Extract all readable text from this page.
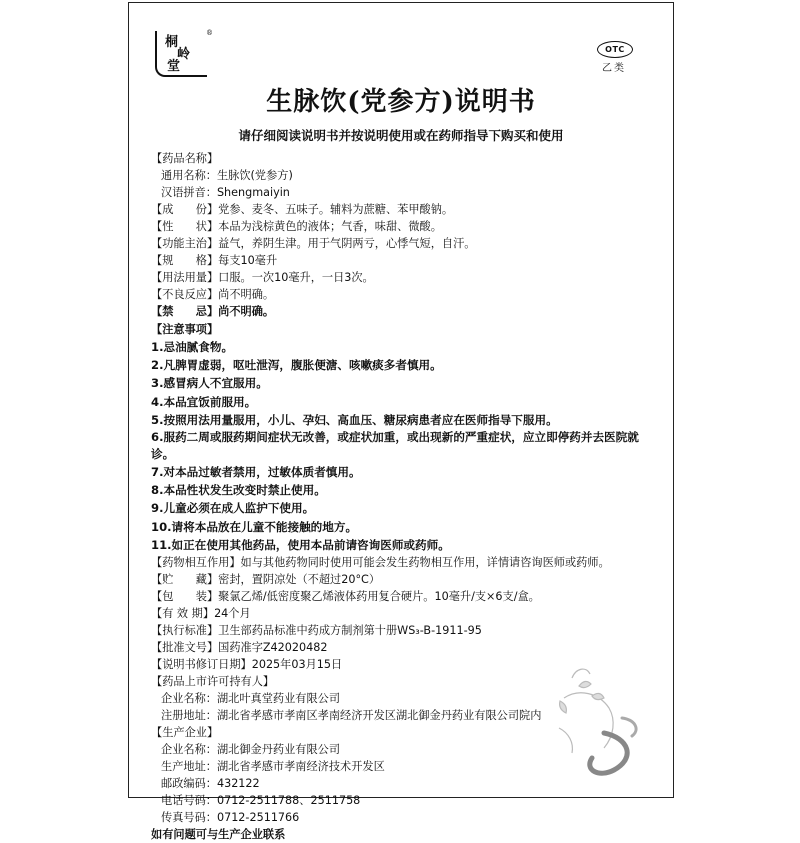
桐
岭
堂
®
OTC
乙类
生脉饮(党参方)说明书
请仔细阅读说明书并按说明使用或在药师指导下购买和使用
【药品名称】
通用名称：生脉饮(党参方)
汉语拼音：Shengmaiyin
【成　　份】党参、麦冬、五味子。辅料为蔗糖、苯甲酸钠。
【性　　状】本品为浅棕黄色的液体；气香，味甜、微酸。
【功能主治】益气，养阴生津。用于气阴两亏，心悸气短，自汗。
【规　　格】每支10毫升
【用法用量】口服。一次10毫升，一日3次。
【不良反应】尚不明确。
【禁　　忌】尚不明确。
【注意事项】
1.忌油腻食物。
2.凡脾胃虚弱，呕吐泄泻，腹胀便溏、咳嗽痰多者慎用。
3.感冒病人不宜服用。
4.本品宜饭前服用。
5.按照用法用量服用，小儿、孕妇、高血压、糖尿病患者应在医师指导下服用。
6.服药二周或服药期间症状无改善，或症状加重，或出现新的严重症状，应立即停药并去医院就诊。
7.对本品过敏者禁用，过敏体质者慎用。
8.本品性状发生改变时禁止使用。
9.儿童必须在成人监护下使用。
10.请将本品放在儿童不能接触的地方。
11.如正在使用其他药品，使用本品前请咨询医师或药师。
【药物相互作用】如与其他药物同时使用可能会发生药物相互作用，详情请咨询医师或药师。
【贮　　藏】密封，置阴凉处（不超过20°C）
【包　　装】聚氯乙烯/低密度聚乙烯液体药用复合硬片。10毫升/支×6支/盒。
【有 效 期】24个月
【执行标准】卫生部药品标准中药成方制剂第十册WS₃-B-1911-95
【批准文号】国药准字Z42020482
【说明书修订日期】2025年03月15日
【药品上市许可持有人】
企业名称：湖北叶真堂药业有限公司
注册地址：湖北省孝感市孝南区孝南经济开发区湖北御金丹药业有限公司院内
【生产企业】
企业名称：湖北御金丹药业有限公司
生产地址：湖北省孝感市孝南经济技术开发区
邮政编码：432122
电话号码：0712-2511788、2511758
传真号码：0712-2511766
如有问题可与生产企业联系
